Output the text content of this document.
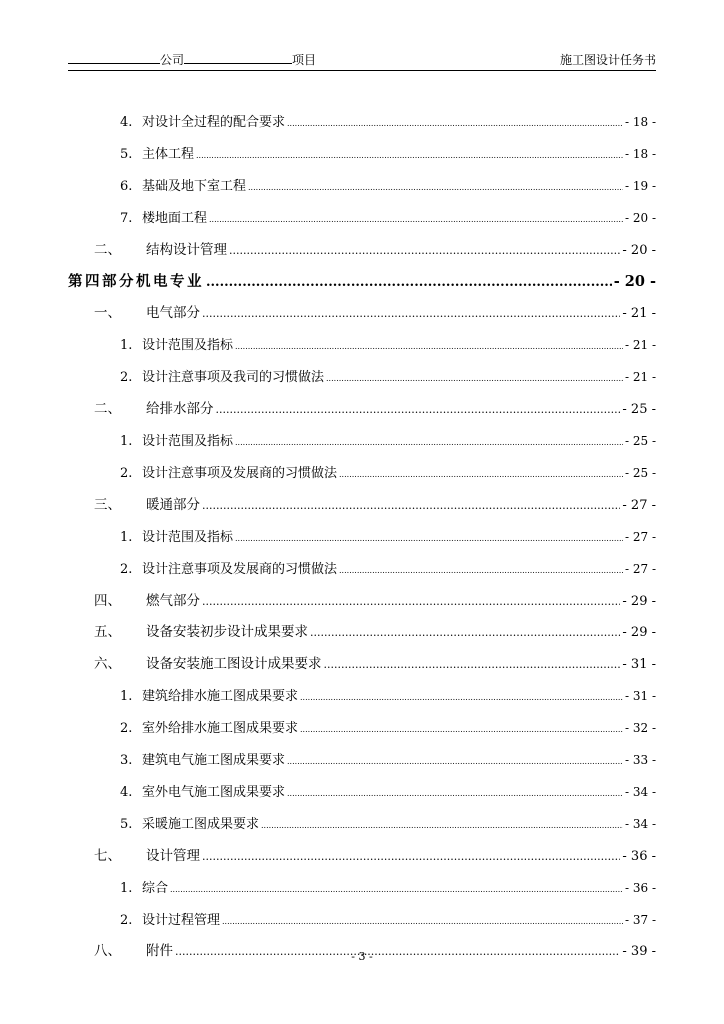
公司	项目	施工图设计任务书
4. 对设计全过程的配合要求 .....	- 18 -
5. 主体工程 .....	- 18 -
6. 基础及地下室工程 .....	- 19 -
7. 楼地面工程 .....	- 20 -
二、	结构设计管理 .....	- 20 -
第四部分机电专业 .....	- 20 -
一、	电气部分 .....	- 21 -
1. 设计范围及指标 .....	- 21 -
2. 设计注意事项及我司的习惯做法 .....	- 21 -
二、	给排水部分 .....	- 25 -
1. 设计范围及指标 .....	- 25 -
2. 设计注意事项及发展商的习惯做法 .....	- 25 -
三、	暖通部分 .....	- 27 -
1. 设计范围及指标 .....	- 27 -
2. 设计注意事项及发展商的习惯做法 .....	- 27 -
四、	燃气部分 .....	- 29 -
五、	设备安装初步设计成果要求 .....	- 29 -
六、	设备安装施工图设计成果要求 .....	- 31 -
1. 建筑给排水施工图成果要求 .....	- 31 -
2. 室外给排水施工图成果要求 .....	- 32 -
3. 建筑电气施工图成果要求 .....	- 33 -
4. 室外电气施工图成果要求 .....	- 34 -
5. 采暖施工图成果要求 .....	- 34 -
七、	设计管理 .....	- 36 -
1. 综合 .....	- 36 -
2. 设计过程管理 .....	- 37 -
八、	附件 .....	- 39 -
- 3 -
